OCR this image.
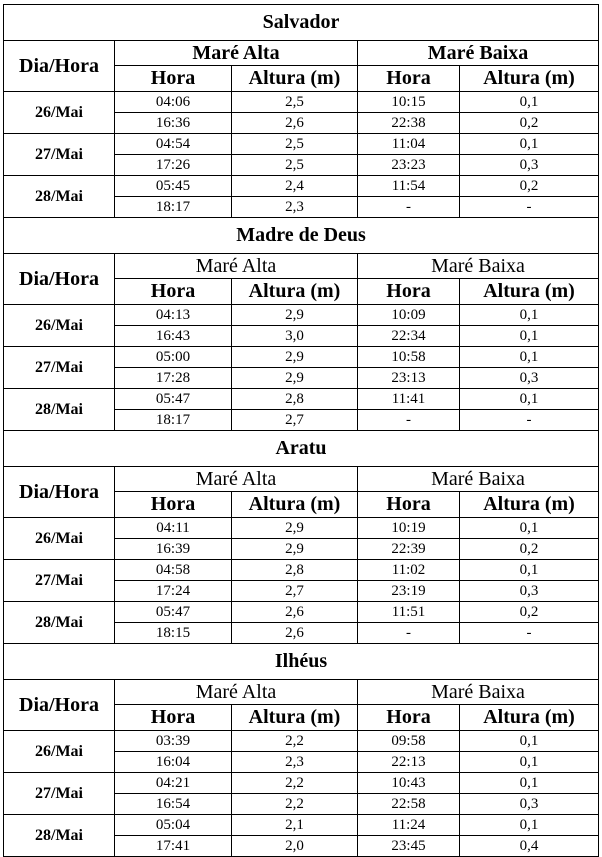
Salvador				
Dia/Hora	Maré Alta		Maré Baixa	
	Hora	Altura (m)	Hora	Altura (m)
26/Mai	04:06	2,5	10:15	0,1
	16:36	2,6	22:38	0,2
27/Mai	04:54	2,5	11:04	0,1
	17:26	2,5	23:23	0,3
28/Mai	05:45	2,4	11:54	0,2
	18:17	2,3	-	-
Madre de Deus				
Dia/Hora	Maré Alta		Maré Baixa	
	Hora	Altura (m)	Hora	Altura (m)
26/Mai	04:13	2,9	10:09	0,1
	16:43	3,0	22:34	0,1
27/Mai	05:00	2,9	10:58	0,1
	17:28	2,9	23:13	0,3
28/Mai	05:47	2,8	11:41	0,1
	18:17	2,7	-	-
Aratu				
Dia/Hora	Maré Alta		Maré Baixa	
	Hora	Altura (m)	Hora	Altura (m)
26/Mai	04:11	2,9	10:19	0,1
	16:39	2,9	22:39	0,2
27/Mai	04:58	2,8	11:02	0,1
	17:24	2,7	23:19	0,3
28/Mai	05:47	2,6	11:51	0,2
	18:15	2,6	-	-
Ilhéus				
Dia/Hora	Maré Alta		Maré Baixa	
	Hora	Altura (m)	Hora	Altura (m)
26/Mai	03:39	2,2	09:58	0,1
	16:04	2,3	22:13	0,1
27/Mai	04:21	2,2	10:43	0,1
	16:54	2,2	22:58	0,3
28/Mai	05:04	2,1	11:24	0,1
	17:41	2,0	23:45	0,4
